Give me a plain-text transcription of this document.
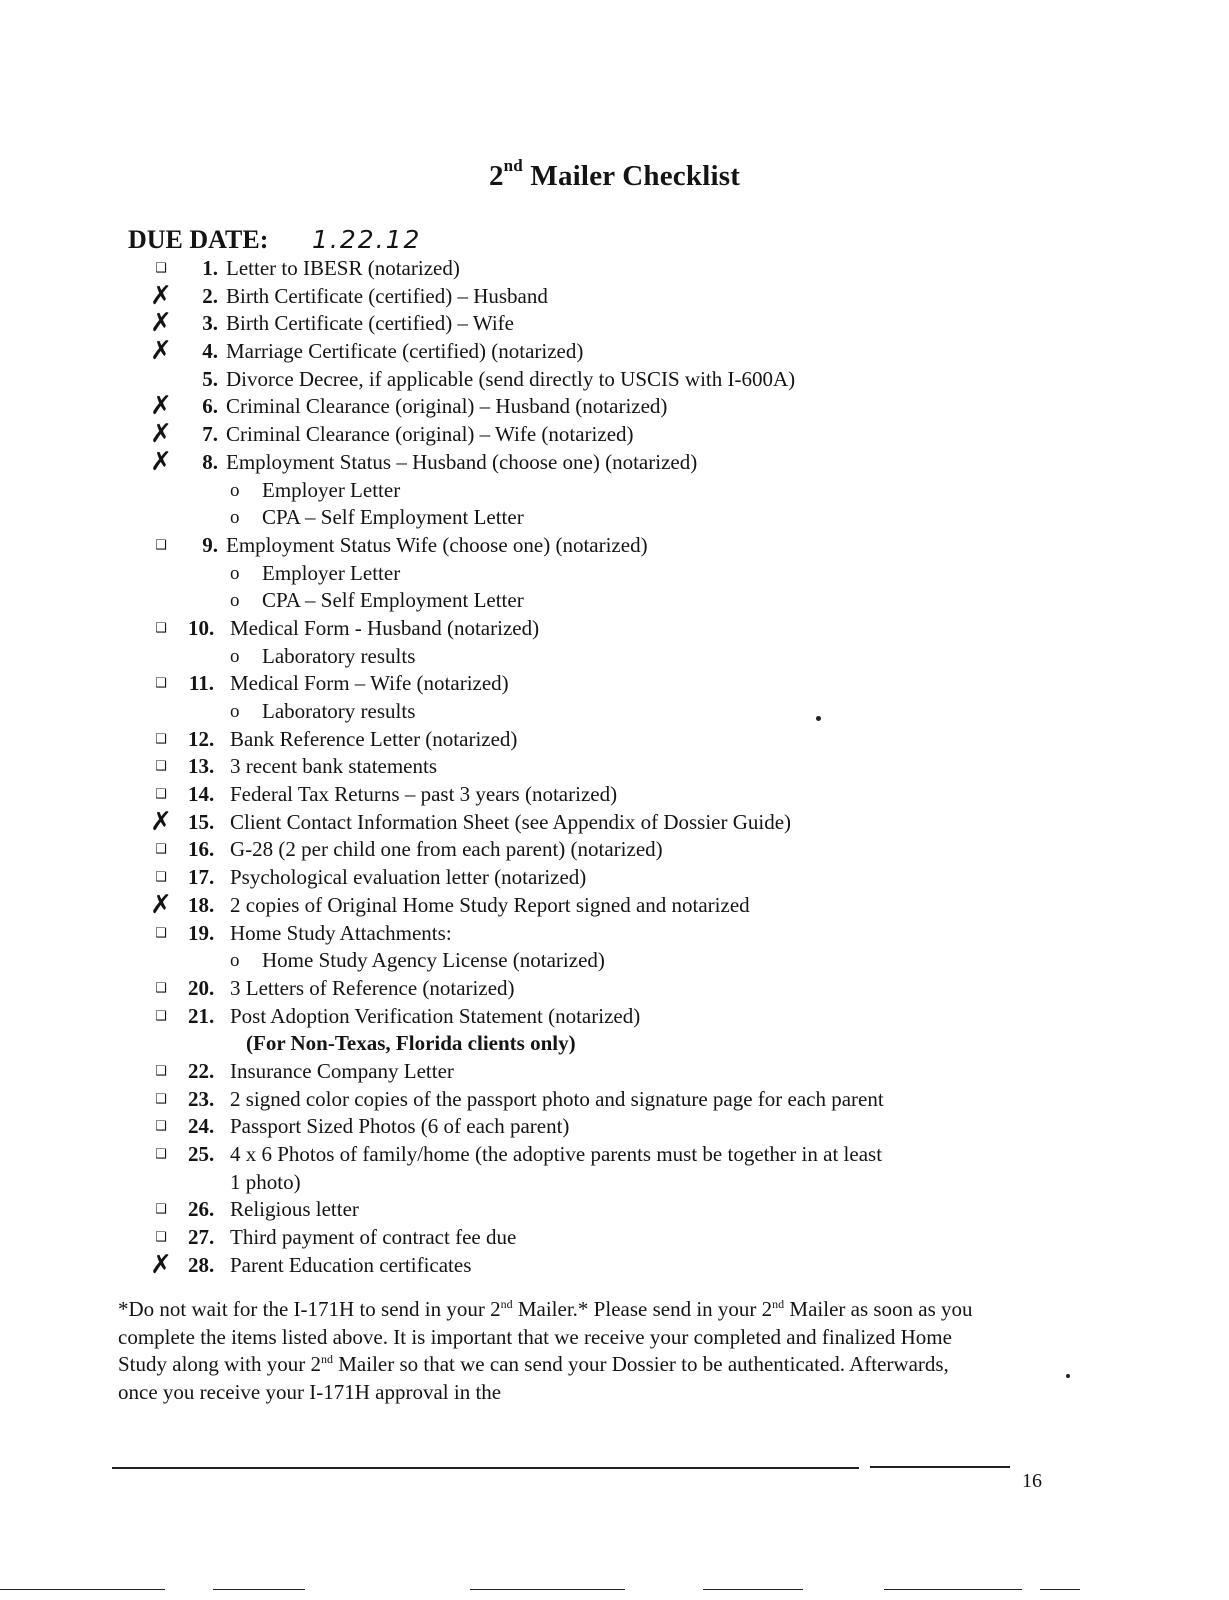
2nd Mailer Checklist
DUE DATE: 1.22.12
❑	1. Letter to IBESR (notarized)
✗	2. Birth Certificate (certified) – Husband
✗	3. Birth Certificate (certified) – Wife
✗	4. Marriage Certificate (certified) (notarized)
5. Divorce Decree, if applicable (send directly to USCIS with I-600A)
✗	6. Criminal Clearance (original) – Husband (notarized)
✗	7. Criminal Clearance (original) – Wife (notarized)
✗	8. Employment Status – Husband (choose one) (notarized)
o Employer Letter
o CPA – Self Employment Letter
❑	9. Employment Status Wife (choose one) (notarized)
o Employer Letter
o CPA – Self Employment Letter
❑	10. Medical Form - Husband (notarized)
o Laboratory results
❑	11. Medical Form – Wife (notarized)
o Laboratory results
❑	12. Bank Reference Letter (notarized)
❑	13. 3 recent bank statements
❑	14. Federal Tax Returns – past 3 years (notarized)
✗ 15. Client Contact Information Sheet (see Appendix of Dossier Guide)
❑	16. G-28 (2 per child one from each parent) (notarized)
❑	17. Psychological evaluation letter (notarized)
✗ 18. 2 copies of Original Home Study Report signed and notarized
❑	19. Home Study Attachments:
o Home Study Agency License (notarized)
❑	20. 3 Letters of Reference (notarized)
❑	21. Post Adoption Verification Statement (notarized)
(For Non-Texas, Florida clients only)
❑	22. Insurance Company Letter
❑	23. 2 signed color copies of the passport photo and signature page for each parent
❑	24. Passport Sized Photos (6 of each parent)
❑	25. 4 x 6 Photos of family/home (the adoptive parents must be together in at least
1 photo)
❑	26. Religious letter
❑	27. Third payment of contract fee due
✗ 28. Parent Education certificates
*Do not wait for the I-171H to send in your 2nd Mailer.* Please send in your 2nd Mailer as soon as you complete the items listed above. It is important that we receive your completed and finalized Home Study along with your 2nd Mailer so that we can send your Dossier to be authenticated. Afterwards, once you receive your I-171H approval in the
16
